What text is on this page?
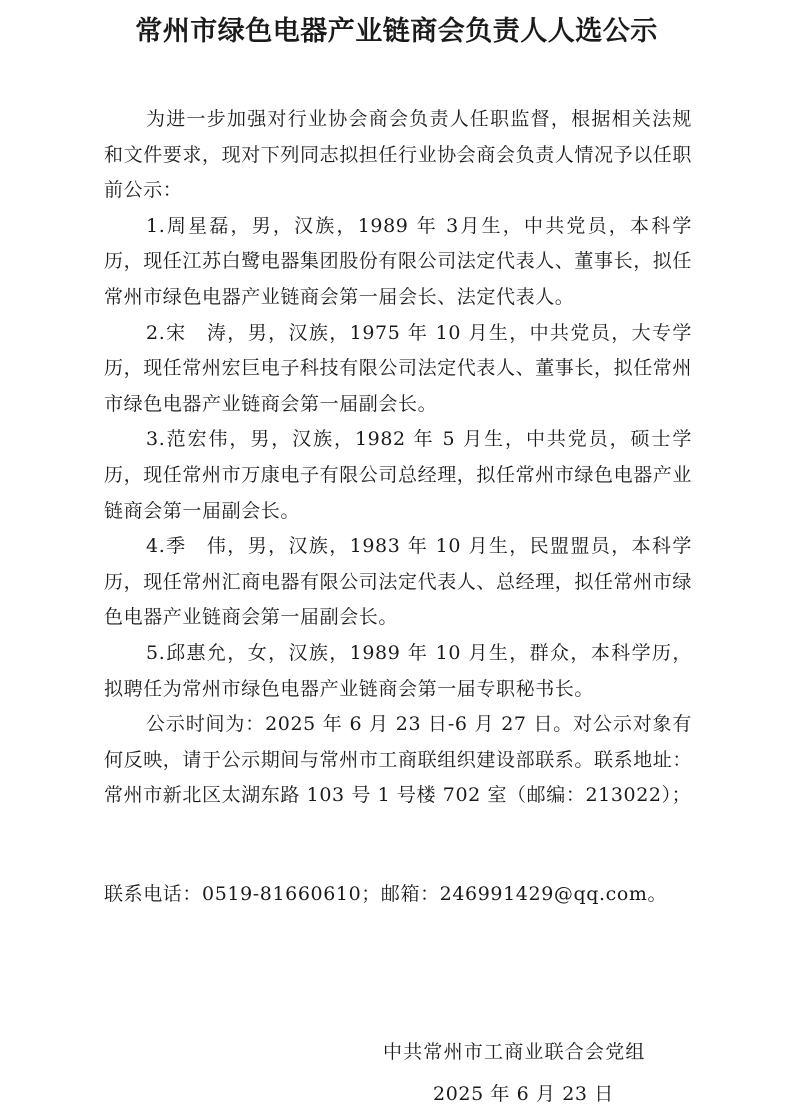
常州市绿色电器产业链商会负责人人选公示

为进一步加强对行业协会商会负责人任职监督，根据相关法规和文件要求，现对下列同志拟担任行业协会商会负责人情况予以任职前公示：

1.周星磊，男，汉族，1989 年 3月生，中共党员，本科学历，现任江苏白鹭电器集团股份有限公司法定代表人、董事长，拟任常州市绿色电器产业链商会第一届会长、法定代表人。

2.宋　涛，男，汉族，1975 年 10 月生，中共党员，大专学历，现任常州宏巨电子科技有限公司法定代表人、董事长，拟任常州市绿色电器产业链商会第一届副会长。

3.范宏伟，男，汉族，1982 年 5 月生，中共党员，硕士学历，现任常州市万康电子有限公司总经理，拟任常州市绿色电器产业链商会第一届副会长。

4.季　伟，男，汉族，1983 年 10 月生，民盟盟员，本科学历，现任常州汇商电器有限公司法定代表人、总经理，拟任常州市绿色电器产业链商会第一届副会长。

5.邱惠允，女，汉族，1989 年 10 月生，群众，本科学历，拟聘任为常州市绿色电器产业链商会第一届专职秘书长。

公示时间为：2025 年 6 月 23 日-6 月 27 日。对公示对象有何反映，请于公示期间与常州市工商联组织建设部联系。联系地址：常州市新北区太湖东路 103 号 1 号楼 702 室（邮编：213022）；

联系电话：0519-81660610；邮箱：246991429@qq.com。

中共常州市工商业联合会党组

2025 年 6 月 23 日
